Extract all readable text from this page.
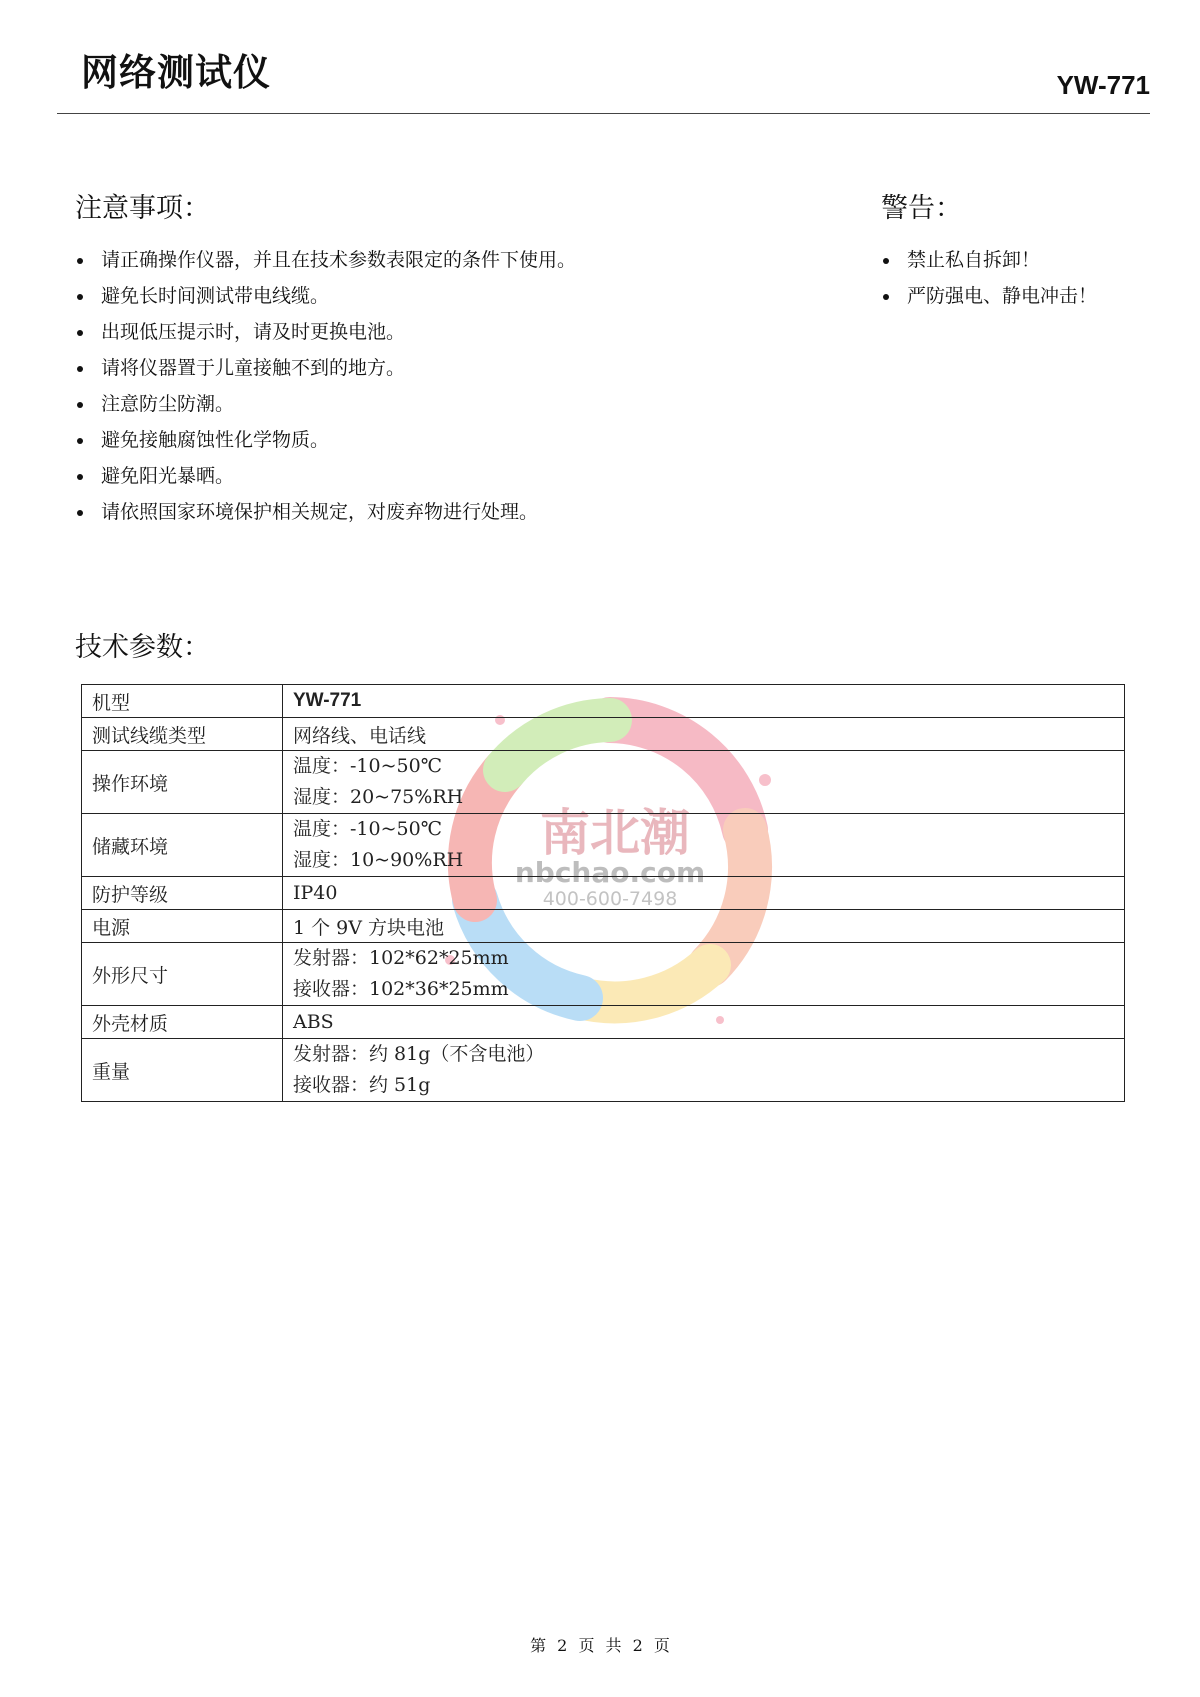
网络测试仪	YW-771
注意事项：
请正确操作仪器，并且在技术参数表限定的条件下使用。
避免长时间测试带电线缆。
出现低压提示时，请及时更换电池。
请将仪器置于儿童接触不到的地方。
注意防尘防潮。
避免接触腐蚀性化学物质。
避免阳光暴晒。
请依照国家环境保护相关规定，对废弃物进行处理。
警告：
禁止私自拆卸！
严防强电、静电冲击！
技术参数：
南北潮
nbchao.com
400-600-7498
机型	YW-771
测试线缆类型	网络线、电话线
操作环境	温度：-10~50℃
湿度：20~75%RH

储藏环境	温度：-10~50℃
湿度：10~90%RH

防护等级	IP40
电源	1 个 9V 方块电池
外形尺寸	发射器：102*62*25mm
接收器：102*36*25mm

外壳材质	ABS
重量	发射器：约 81g（不含电池）
接收器：约 51g
第 2 页 共 2 页
